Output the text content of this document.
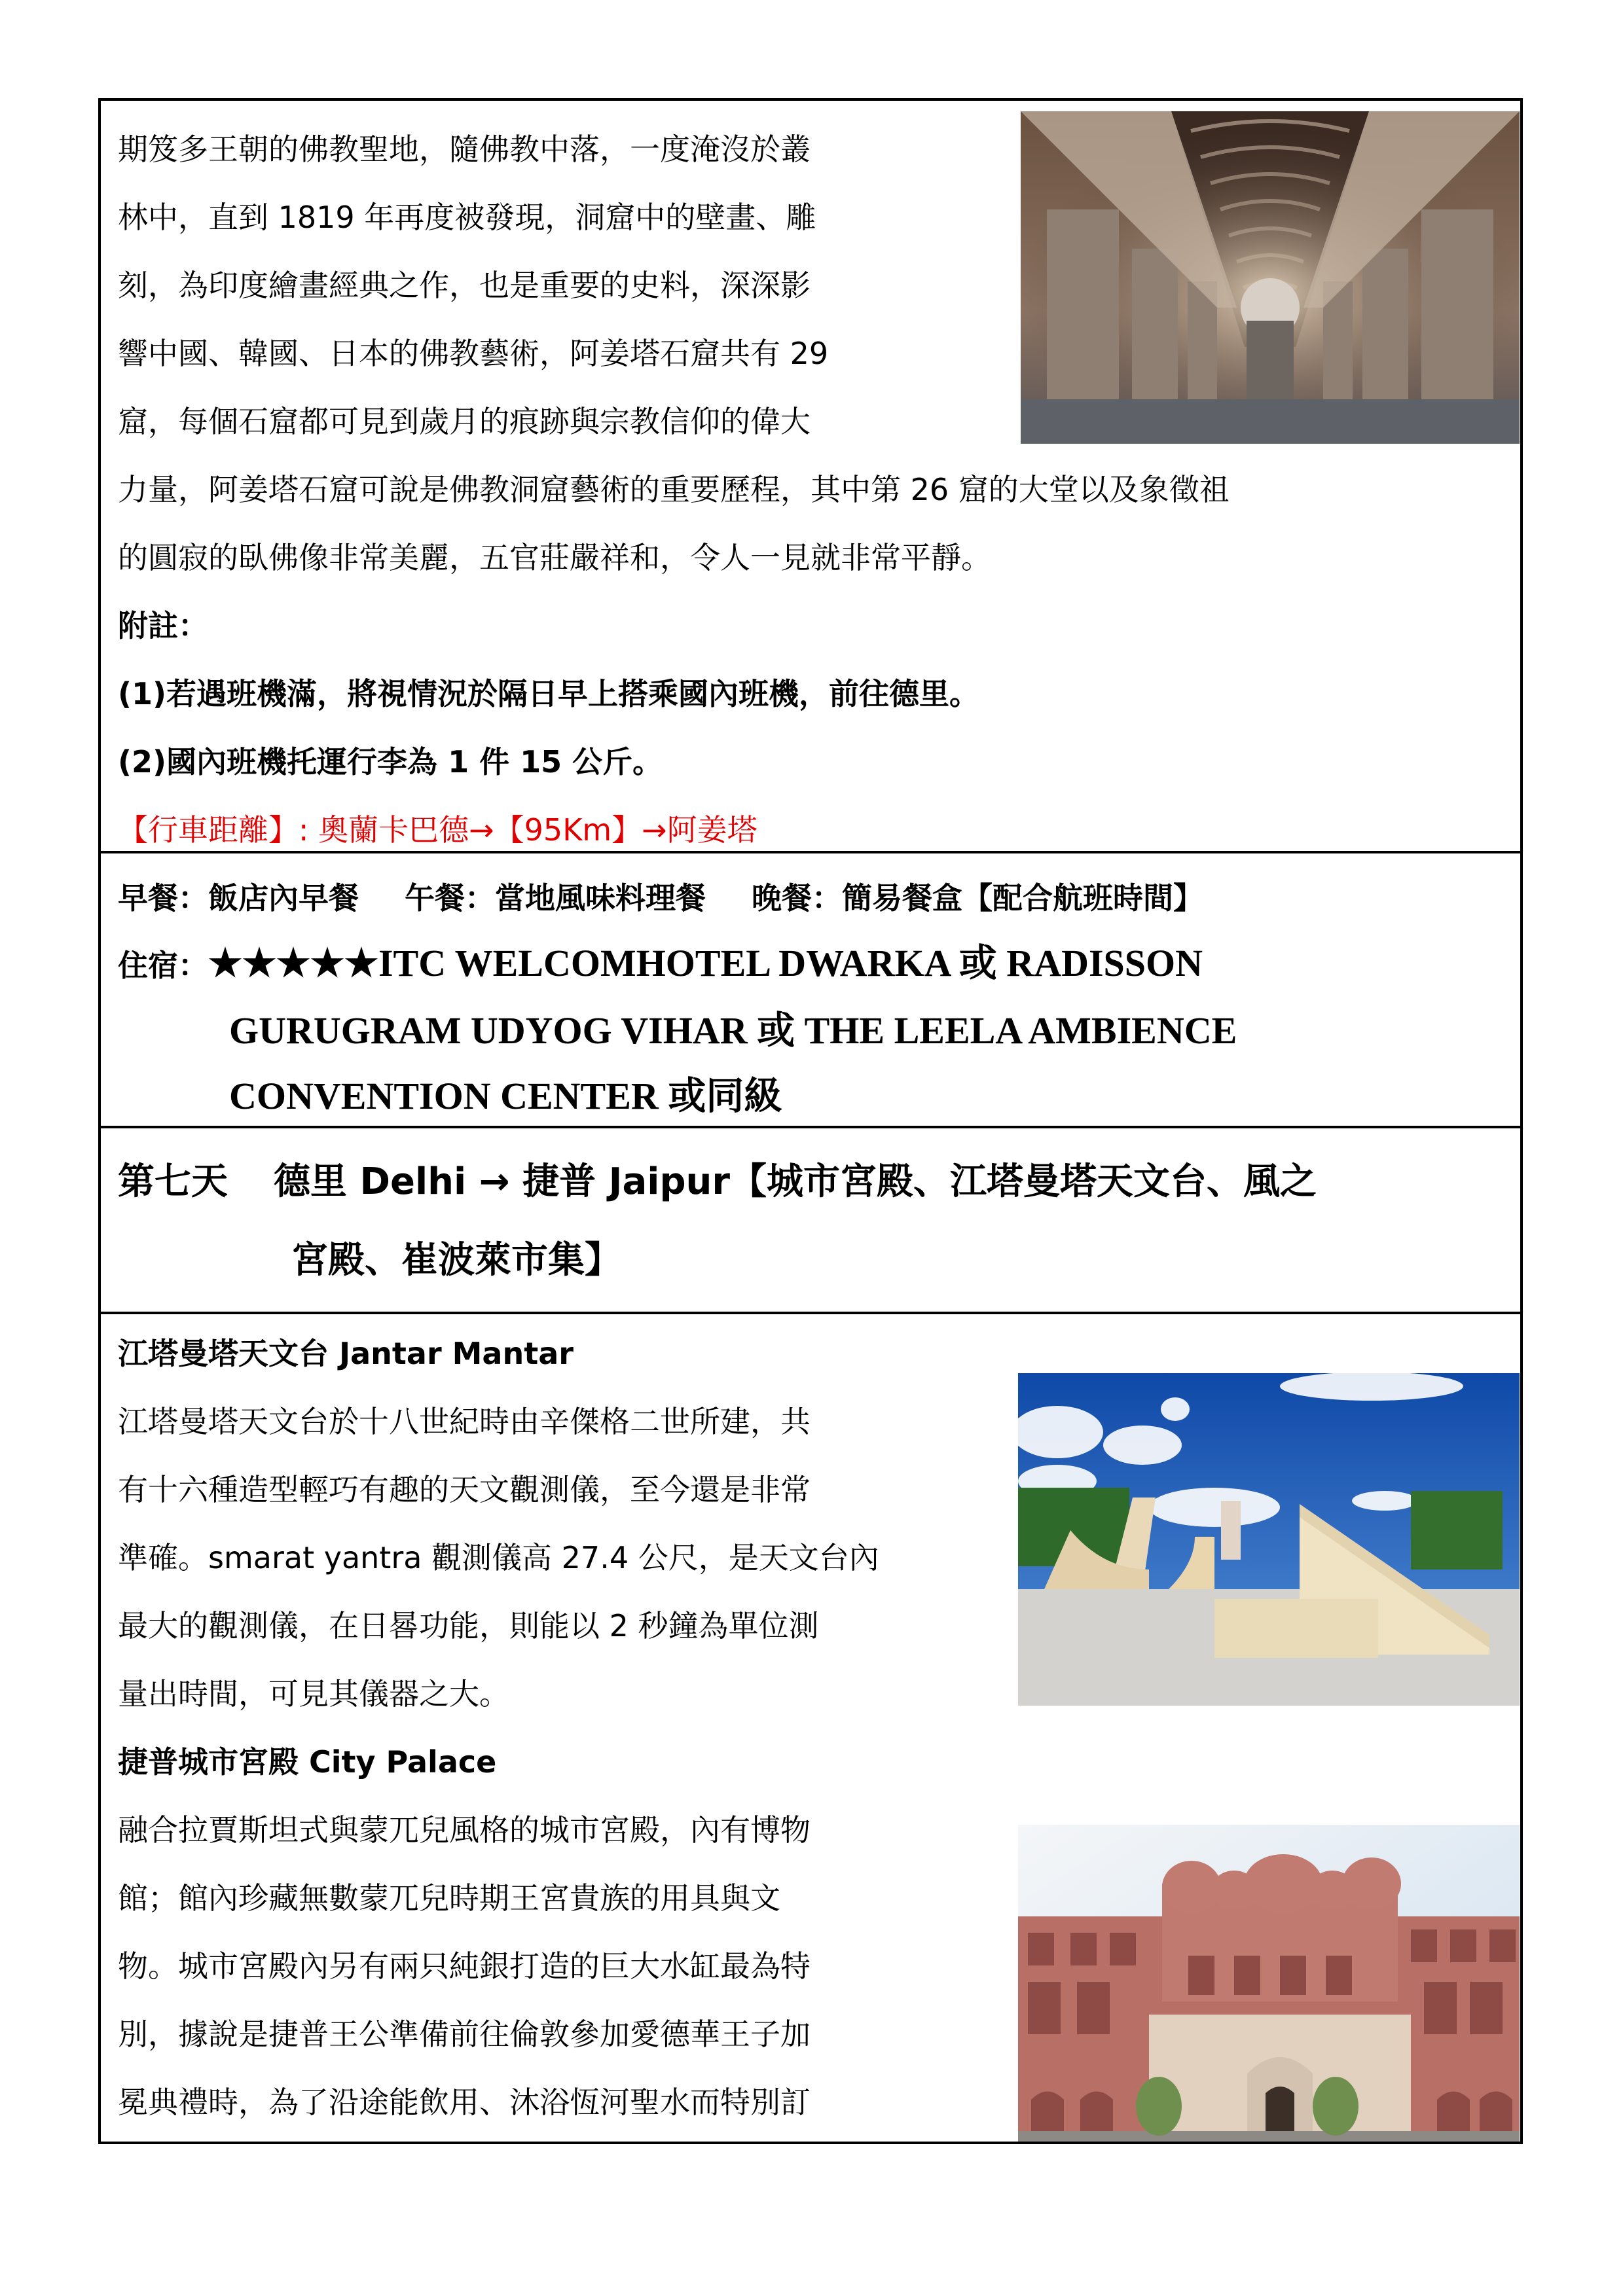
期笈多王朝的佛教聖地，隨佛教中落，一度淹沒於叢

林中，直到 1819 年再度被發現，洞窟中的壁畫、雕

刻，為印度繪畫經典之作，也是重要的史料，深深影

響中國、韓國、日本的佛教藝術，阿姜塔石窟共有 29

窟，每個石窟都可見到歲月的痕跡與宗教信仰的偉大

力量，阿姜塔石窟可說是佛教洞窟藝術的重要歷程，其中第 26 窟的大堂以及象徵祖

的圓寂的臥佛像非常美麗，五官莊嚴祥和，令人一見就非常平靜。

附註：

(1)若遇班機滿，將視情況於隔日早上搭乘國內班機，前往德里。

(2)國內班機托運行李為 1 件 15 公斤。

【行車距離】: 奧蘭卡巴德→【95Km】→阿姜塔

早餐：飯店內早餐 午餐：當地風味料理餐 晚餐：簡易餐盒【配合航班時間】

住宿：★★★★★ITC WELCOMHOTEL DWARKA 或 RADISSON

GURUGRAM UDYOG VIHAR 或 THE LEELA AMBIENCE

CONVENTION CENTER 或同級

第七天 德里 Delhi → 捷普 Jaipur【城市宮殿、江塔曼塔天文台、風之
宮殿、崔波萊市集】

江塔曼塔天文台 Jantar Mantar

江塔曼塔天文台於十八世紀時由辛傑格二世所建，共

有十六種造型輕巧有趣的天文觀測儀，至今還是非常

準確。smarat yantra 觀測儀高 27.4 公尺，是天文台內

最大的觀測儀，在日晷功能，則能以 2 秒鐘為單位測

量出時間，可見其儀器之大。

捷普城市宮殿 City Palace

融合拉賈斯坦式與蒙兀兒風格的城市宮殿，內有博物

館；館內珍藏無數蒙兀兒時期王宮貴族的用具與文

物。城市宮殿內另有兩只純銀打造的巨大水缸最為特

別，據說是捷普王公準備前往倫敦參加愛德華王子加

冕典禮時，為了沿途能飲用、沐浴恆河聖水而特別訂
